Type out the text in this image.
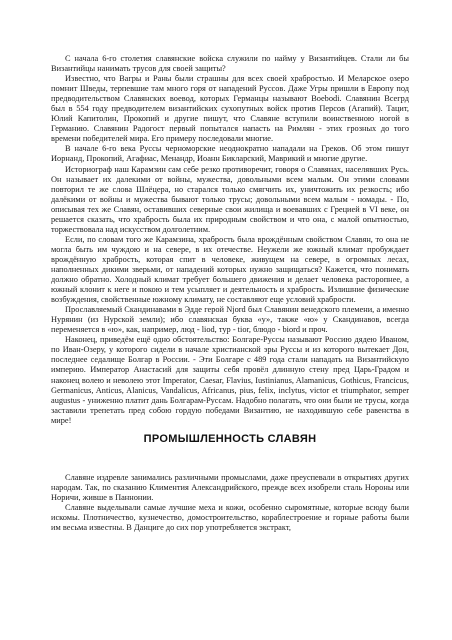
С начала 6-го столетия славянские войска служили по найму у Византийцев. Стали ли бы Византийцы нанимать трусов для своей защиты?

Известно, что Вагры и Раны были страшны для всех своей храбростью. И Меларское озеро помнит Шведы, терпевшие там много горя от нападений Руссов. Даже Угры пришли в Европу под предводительством Славянских воевод, которых Германцы называют Boebodi. Славянин Всегрд был в 554 году предводителем византийских сухопутных войск против Персов (Агапий). Тацит, Юлий Капитолин, Прокопий и другие пишут, что Славяне вступили воинственною ногой в Германию. Славянин Радогост первый попытался напасть на Римлян - этих грозных до того времени победителей мира. Его примеру последовали многие.

В начале 6-го века Руссы черноморские неоднократно нападали на Греков. Об этом пишут Иорнанд, Прокопий, Агафиас, Менандр, Иоанн Бикларский, Маврикий и многие другие.

Историограф наш Карамзин сам себе резко противоречит, говоря о Славянах, населявших Русь. Он называет их далекими от войны, мужества, довольными всем малым. Он этими словами повторил те же слова Шлёцера, но старался только смягчить их, уничтожить их резкость; ибо далёкими от войны и мужества бывают только трусы; довольными всем малым - номады. - По, описывая тех же Славян, оставивших северные свои жилища и воевавших с Грецией в VI веке, он решается сказать, что храбрость была их природным свойством и что она, с малой опытностью, торжествовала над искусством долголетним.

Если, по словам того же Карамзина, храбрость была врождённым свойством Славян, то она не могла быть им чуждою и на севере, в их отечестве. Неужели же южный климат пробуждает врождённую храбрость, которая спит в человеке, живущем на севере, в огромных лесах, наполненных дикими зверьми, от нападений которых нужно защищаться? Кажется, что понимать должно обратно. Холодный климат требует большего движения и делает человека расторопнее, а южный клонит к неге и покою и тем усыпляет и деятельность и храбрость. Излишние физические возбуждения, свойственные южному климату, не составляют еще условий храбрости.

Прославляемый Скандинавами в Эдде герой Njord был Славянин венедского племени, а именно Нурянин (из Нурской земли); ибо славянская буква «у», также «ю» у Скандинавов, всегда переменяется в «ю», как, например, люд - liod, тур - tior, блюдо - biord и проч.

Наконец, приведём ещё одно обстоятельство: Болгаре-Руссы называют Россию дядею Иваном, по Иван-Озеру, у которого сидели в начале христианской эры Руссы и из которого вытекает Дон, последнее седалище Болгар в России. - Эти Болгаре с 489 года стали нападать на Византийскую империю. Император Анастасий для защиты себя провёл длинную стену пред Царь-Градом и наконец волею и неволею этот Imperator, Caesar, Flavius, Iustinianus, Alamanicus, Gothicus, Francicus, Germanicus, Anticus, Alanicus, Vandalicus, Africanus, pius, felix, inclytus, victor et triumphator, semper augustus - униженно платит дань Болгарам-Руссам. Надобно полагать, что они были не трусы, когда заставили трепетать пред собою гордую победами Византию, не находившую себе равенства в мире!

ПРОМЫШЛЕННОСТЬ СЛАВЯН

Славяне издревле занимались различными промыслами, даже преуспевали в открытиях других народам. Так, по сказанию Климентия Александрийского, прежде всех изобрели сталь Нороны или Норичи, живше в Паннонии.

Славяне выделывали самые лучшие меха и кожи, особенно сыромятные, которые всюду были искомы. Плотничество, кузнечество, домостроительство, кораблестроение и горные работы были им весьма известны. В Данциге до сих пор употребляется экстракт,
